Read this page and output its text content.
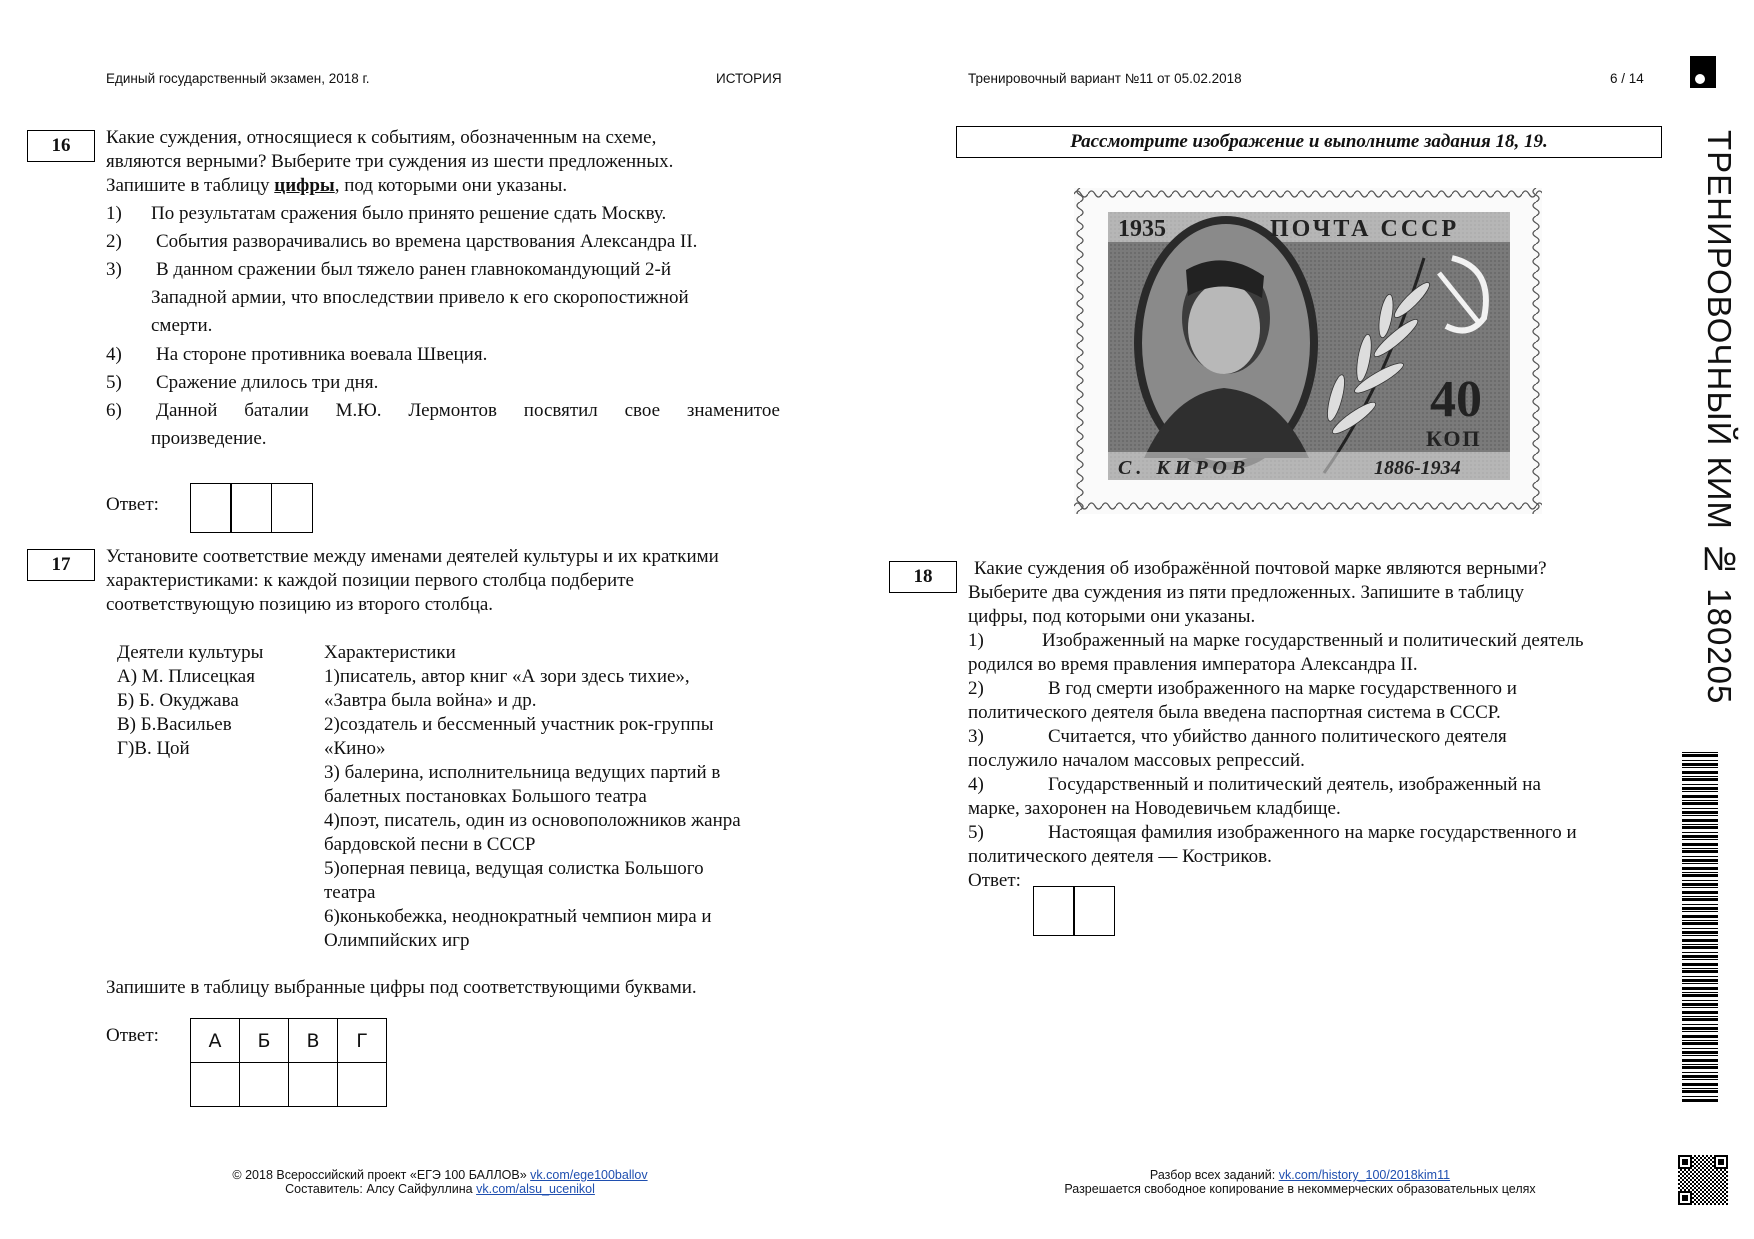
Единый государственный экзамен, 2018 г.	ИСТОРИЯ	Тренировочный вариант №11 от 05.02.2018	6 / 14
ТРЕНИРОВОЧНЫЙ КИМ № 180205
16	Какие суждения, относящиеся к событиям, обозначенным на схеме,
являются верными? Выберите три суждения из шести предложенных.
Запишите в таблицу цифры, под которыми они указаны.
1) По результатам сражения было принято решение сдать Москву.
2) События разворачивались во времена царствования Александра II.
3) В данном сражении был тяжело ранен главнокомандующий 2-й
Западной армии, что впоследствии привело к его скоропостижной
смерти.
4) На стороне противника воевала Швеция.
5) Сражение длилось три дня.
6) Данной баталии М.Ю. Лермонтов посвятил свое знаменитое
произведение.
Ответ:
17	Установите соответствие между именами деятелей культуры и их краткими
характеристиками: к каждой позиции первого столбца подберите
соответствующую позицию из второго столбца.
Деятели культуры
А) М. Плисецкая
Б) Б. Окуджава
В) Б.Васильев
Г)В. Цой
Характеристики
1)писатель, автор книг «А зори здесь тихие»,
«Завтра была война» и др.
2)создатель и бессменный участник рок-группы
«Кино»
3) балерина, исполнительница ведущих партий в
балетных постановках Большого театра
4)поэт, писатель, один из основоположников жанра
бардовской песни в СССР
5)оперная певица, ведущая солистка Большого
театра
6)конькобежка, неоднократный чемпион мира и
Олимпийских игр
Запишите в таблицу выбранные цифры под соответствующими буквами.
Ответ:	А	Б	В	Г

Рассмотрите изображение и выполните задания 18, 19.
1935	ПОЧТА СССР
40
КОП
С. КИРОВ	1886-1934
18	Какие суждения об изображённой почтовой марке являются верными?
Выберите два суждения из пяти предложенных. Запишите в таблицу
цифры, под которыми они указаны.
1)	Изображенный на марке государственный и политический деятель
родился во время правления императора Александра II.
2)	В год смерти изображенного на марке государственного и
политического деятеля была введена паспортная система в СССР.
3)	Считается, что убийство данного политического деятеля
послужило началом массовых репрессий.
4)	Государственный и политический деятель, изображенный на
марке, захоронен на Новодевичьем кладбище.
5)	Настоящая фамилия изображенного на марке государственного и
политического деятеля — Костриков.
Ответ:
© 2018 Всероссийский проект «ЕГЭ 100 БАЛЛОВ» vk.com/ege100ballov
Составитель: Алсу Сайфуллина vk.com/alsu_ucenikol
Разбор всех заданий: vk.com/history_100/2018kim11
Разрешается свободное копирование в некоммерческих образовательных целях
